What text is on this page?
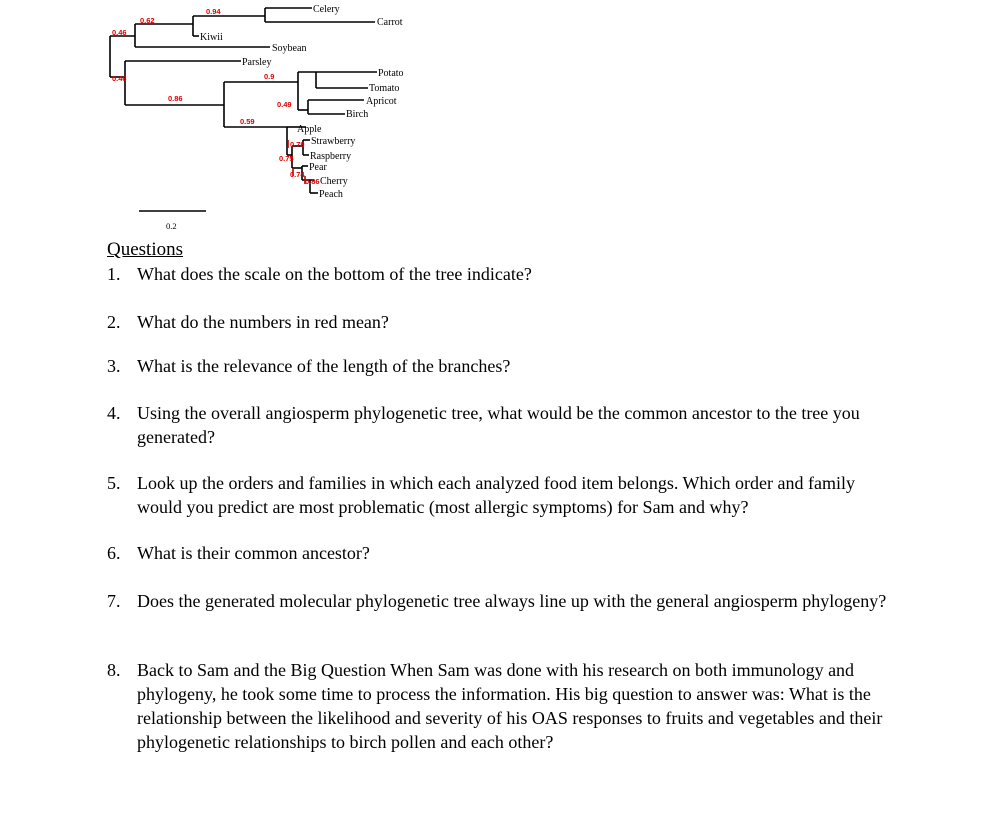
0.2
Celery
Carrot
Kiwii
Soybean
Parsley
Potato
Tomato
Apricot
Birch
Apple
Strawberry
Raspberry
Pear
Cherry
Peach
0.94
0.62
0.46
0.46
0.86
0.9
0.49
0.59
0.79
0.75
0.74
0.86
Questions
1. What does the scale on the bottom of the tree indicate?
2. What do the numbers in red mean?
3. What is the relevance of the length of the branches?
4. Using the overall angiosperm phylogenetic tree, what would be the common ancestor to the tree you generated?
5. Look up the orders and families in which each analyzed food item belongs. Which order and family would you predict are most problematic (most allergic symptoms) for Sam and why?
6. What is their common ancestor?
7. Does the generated molecular phylogenetic tree always line up with the general angiosperm phylogeny?
8. Back to Sam and the Big Question When Sam was done with his research on both immunology and phylogeny, he took some time to process the information. His big question to answer was: What is the relationship between the likelihood and severity of his OAS responses to fruits and vegetables and their phylogenetic relationships to birch pollen and each other?
